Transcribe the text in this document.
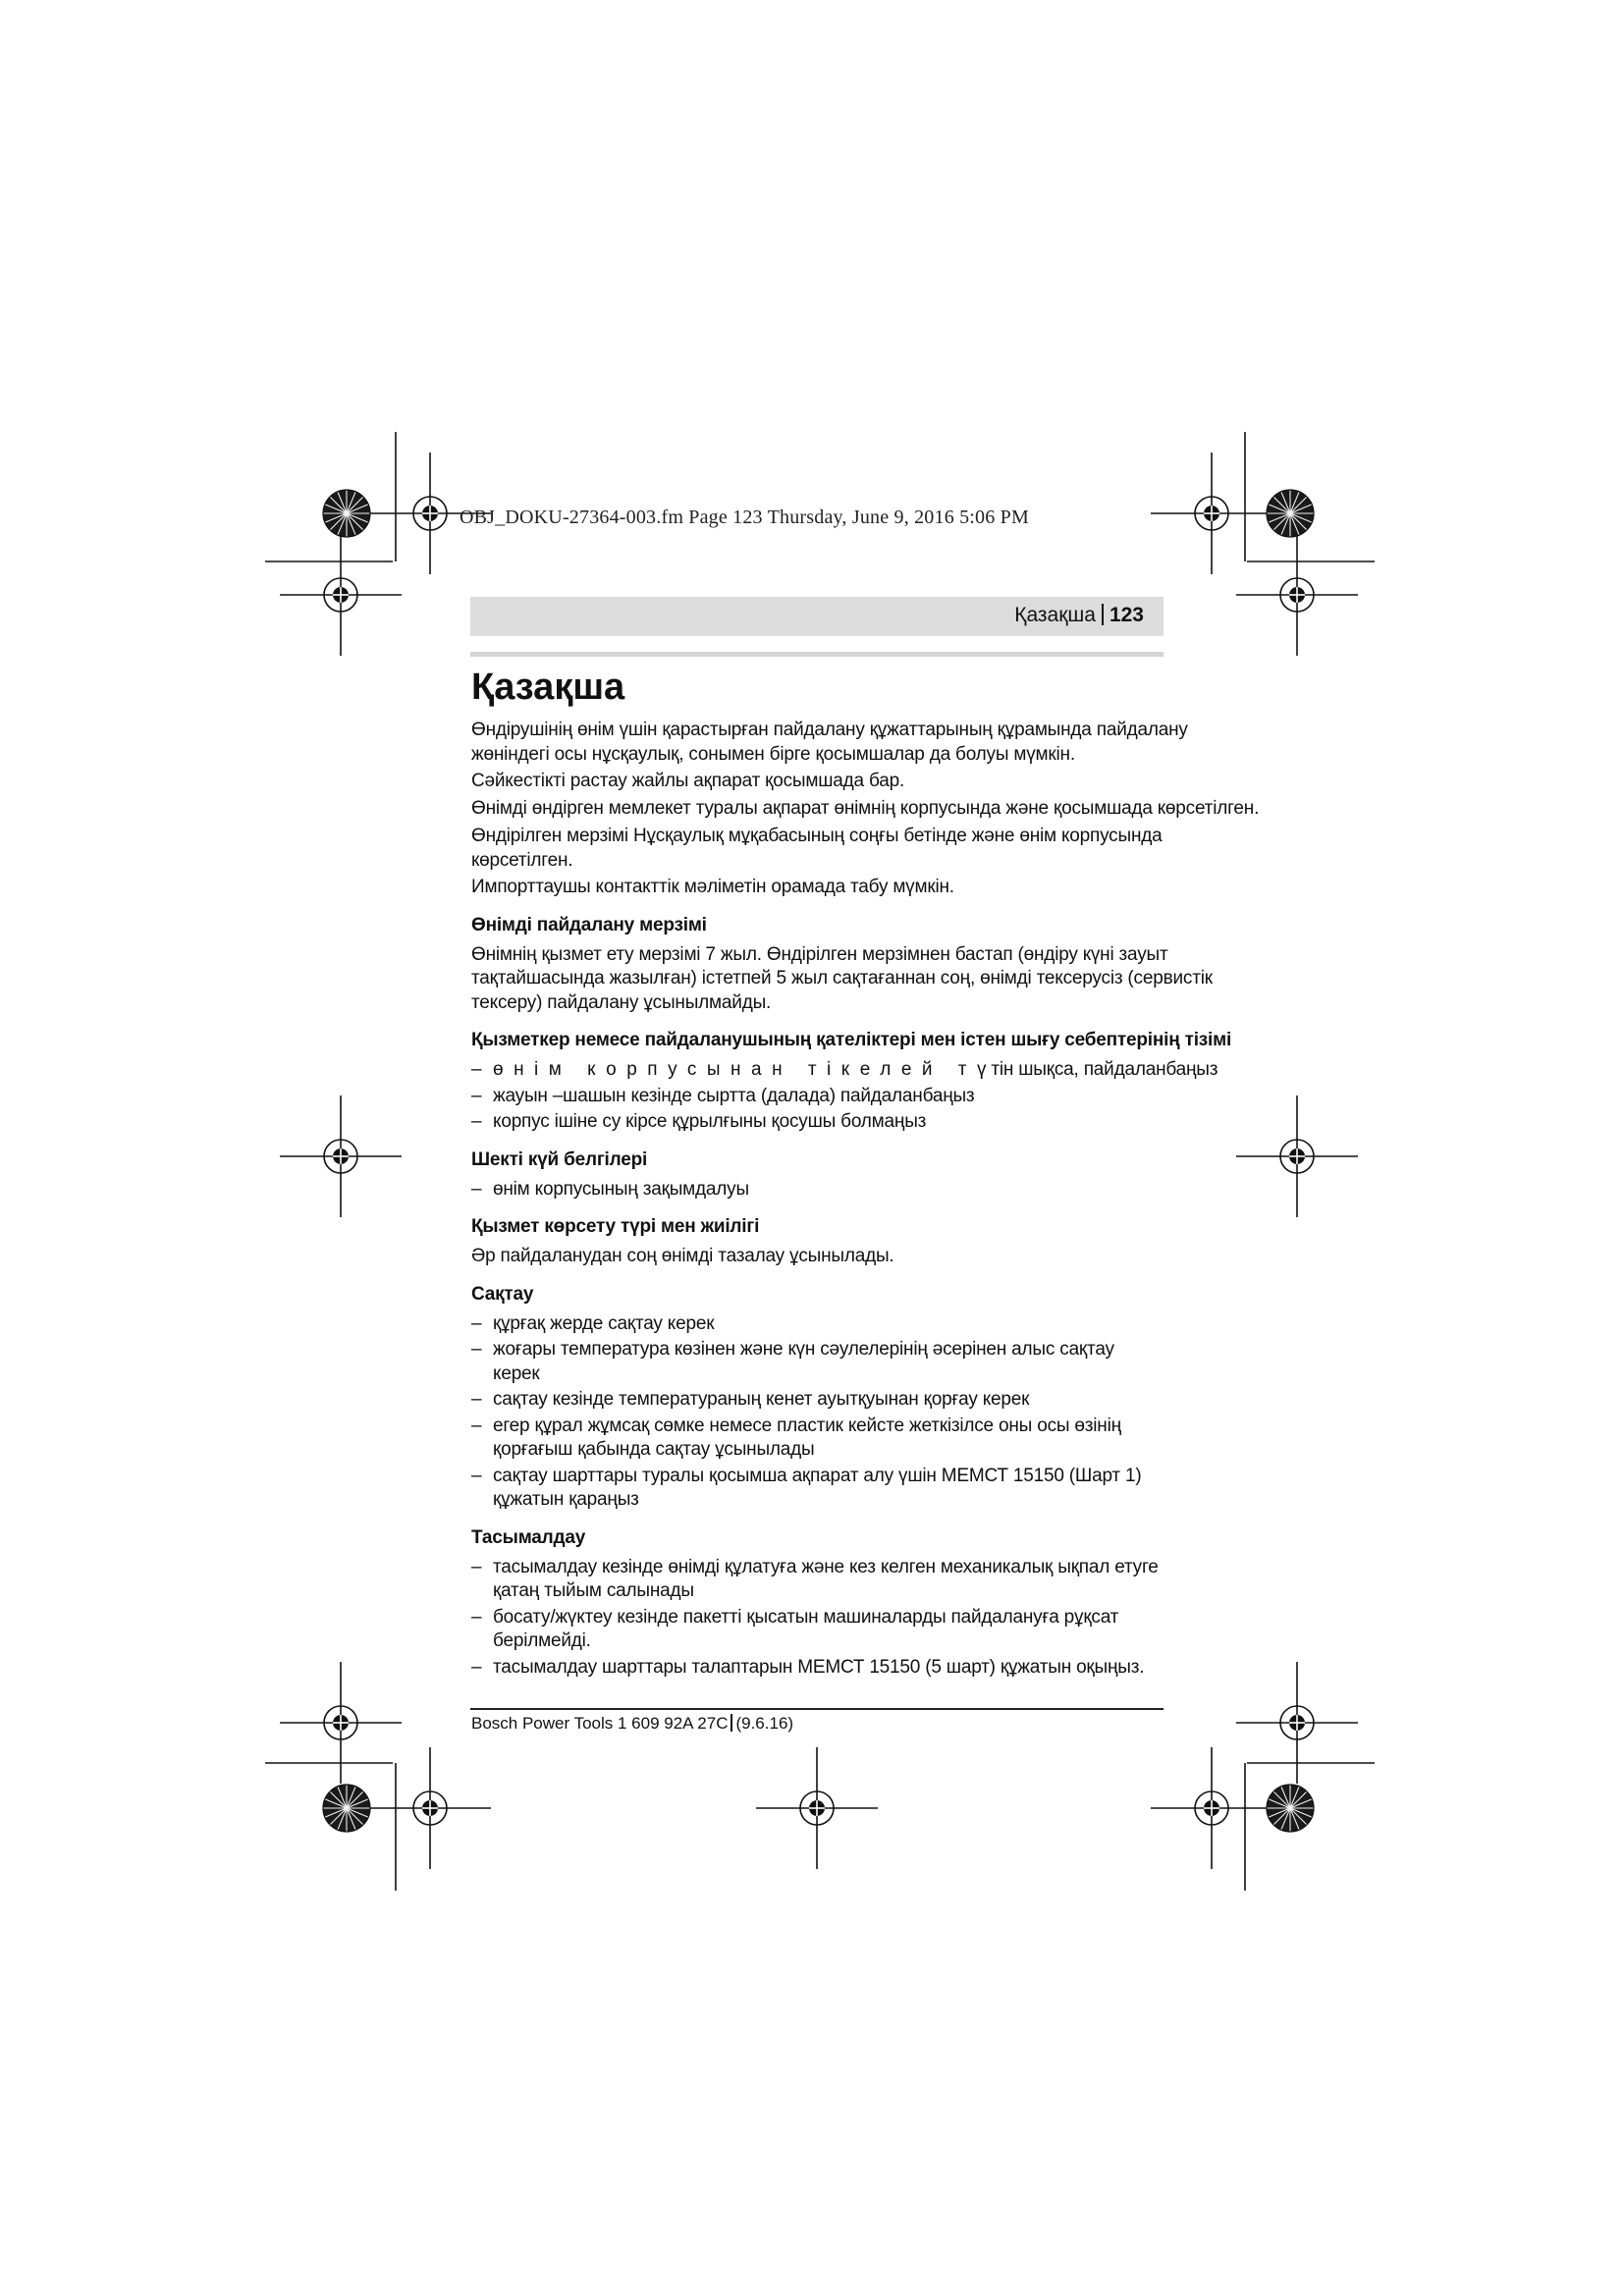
OBJ_DOKU-27364-003.fm Page 123 Thursday, June 9, 2016 5:06 PM
Қазақша 123
Қазақша

Өндірушінің өнім үшін қарастырған пайдалану құжаттарының құрамында пайдалану жөніндегі осы нұсқаулық, сонымен бірге қосымшалар да болуы мүмкін.

Сәйкестікті растау жайлы ақпарат қосымшада бар.

Өнімді өндірген мемлекет туралы ақпарат өнімнің корпусында және қосымшада көрсетілген.

Өндірілген мерзімі Нұсқаулық мұқабасының соңғы бетінде және өнім корпусында көрсетілген.

Импорттаушы контакттік мәліметін орамада табу мүмкін.

Өнімді пайдалану мерзімі

Өнімнің қызмет ету мерзімі 7 жыл. Өндірілген мерзімнен бастап (өндіру күні зауыт тақтайшасында жазылған) істетпей 5 жыл сақтағаннан соң, өнімді тексерусіз (сервистік тексеру) пайдалану ұсынылмайды.

Қызметкер немесе пайдаланушының қателіктері мен істен шығу себептерінің тізімі
– өнім корпусынан тікелей тү тін шықса, пайдаланбаңыз
– жауын –шашын кезінде сыртта (далада) пайдаланбаңыз
– корпус ішіне су кірсе құрылғыны қосушы болмаңыз
Шекті күй белгілері
– өнім корпусының зақымдалуы
Қызмет көрсету түрі мен жиілігі

Әр пайдаланудан соң өнімді тазалау ұсынылады.

Сақтау
– құрғақ жерде сақтау керек
– жоғары температура көзінен және күн сәулелерінің әсерінен алыс сақтау керек
– сақтау кезінде температураның кенет ауытқуынан қорғау керек
– егер құрал жұмсақ сөмке немесе пластик кейсте жеткізілсе оны осы өзінің қорғағыш қабында сақтау ұсынылады
– сақтау шарттары туралы қосымша ақпарат алу үшін МЕМСТ 15150 (Шарт 1) құжатын қараңыз
Тасымалдау
– тасымалдау кезінде өнімді құлатуға және кез келген механикалық ықпал етуге қатаң тыйым салынады
– босату/жүктеу кезінде пакетті қысатын машиналарды пайдалануға рұқсат берілмейді.
– тасымалдау шарттары талаптарын МЕМСТ 15150 (5 шарт) құжатын оқыңыз.
Bosch Power Tools 1 609 92A 27C (9.6.16)
